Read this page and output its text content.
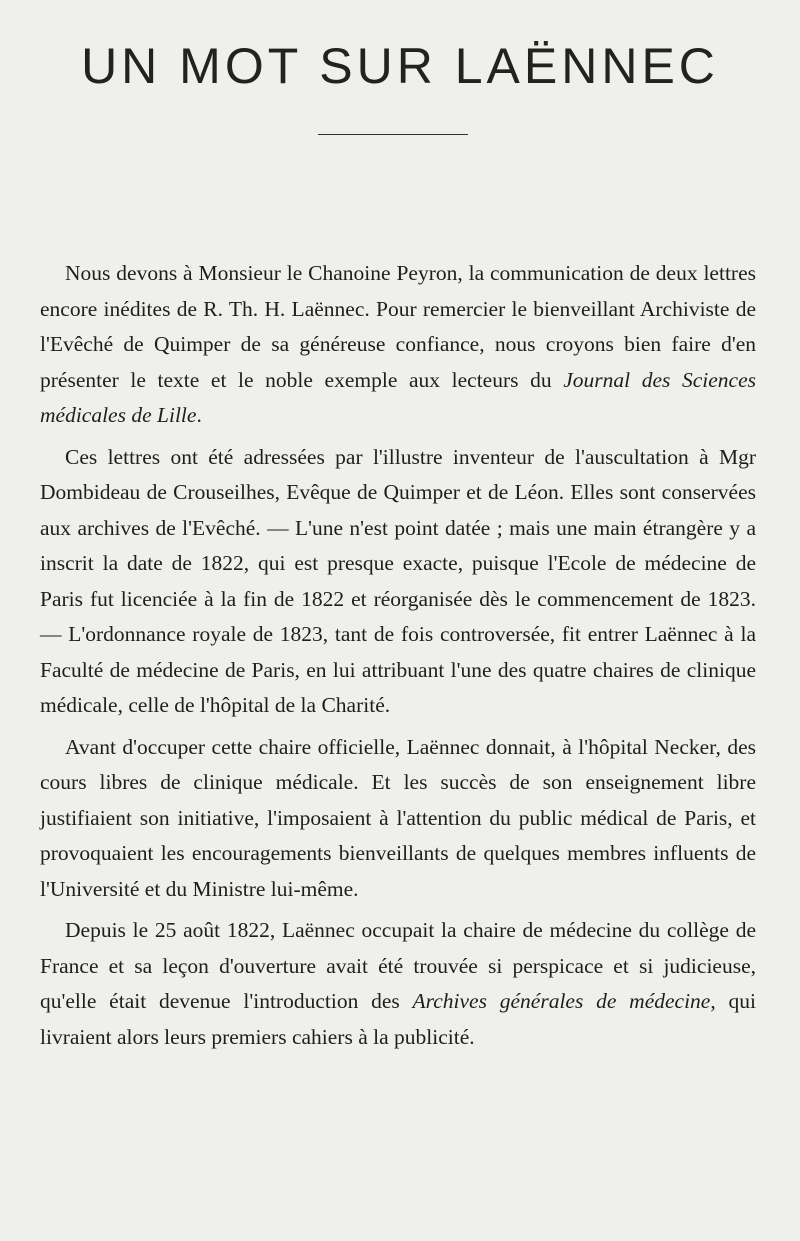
UN MOT SUR LAËNNEC

Nous devons à Monsieur le Chanoine Peyron, la communication de deux lettres encore inédites de R. Th. H. Laënnec. Pour remercier le bienveillant Archiviste de l'Evêché de Quimper de sa généreuse confiance, nous croyons bien faire d'en présenter le texte et le noble exemple aux lecteurs du Journal des Sciences médicales de Lille.

Ces lettres ont été adressées par l'illustre inventeur de l'auscultation à Mgr Dombideau de Crouseilhes, Evêque de Quimper et de Léon. Elles sont conservées aux archives de l'Evêché. — L'une n'est point datée ; mais une main étrangère y a inscrit la date de 1822, qui est presque exacte, puisque l'Ecole de médecine de Paris fut licenciée à la fin de 1822 et réorganisée dès le commencement de 1823. — L'ordonnance royale de 1823, tant de fois controversée, fit entrer Laënnec à la Faculté de médecine de Paris, en lui attribuant l'une des quatre chaires de clinique médicale, celle de l'hôpital de la Charité.

Avant d'occuper cette chaire officielle, Laënnec donnait, à l'hôpital Necker, des cours libres de clinique médicale. Et les succès de son enseignement libre justifiaient son initiative, l'imposaient à l'attention du public médical de Paris, et provoquaient les encouragements bienveillants de quelques membres influents de l'Université et du Ministre lui-même.

Depuis le 25 août 1822, Laënnec occupait la chaire de médecine du collège de France et sa leçon d'ouverture avait été trouvée si perspicace et si judicieuse, qu'elle était devenue l'introduction des Archives générales de médecine, qui livraient alors leurs premiers cahiers à la publicité.
